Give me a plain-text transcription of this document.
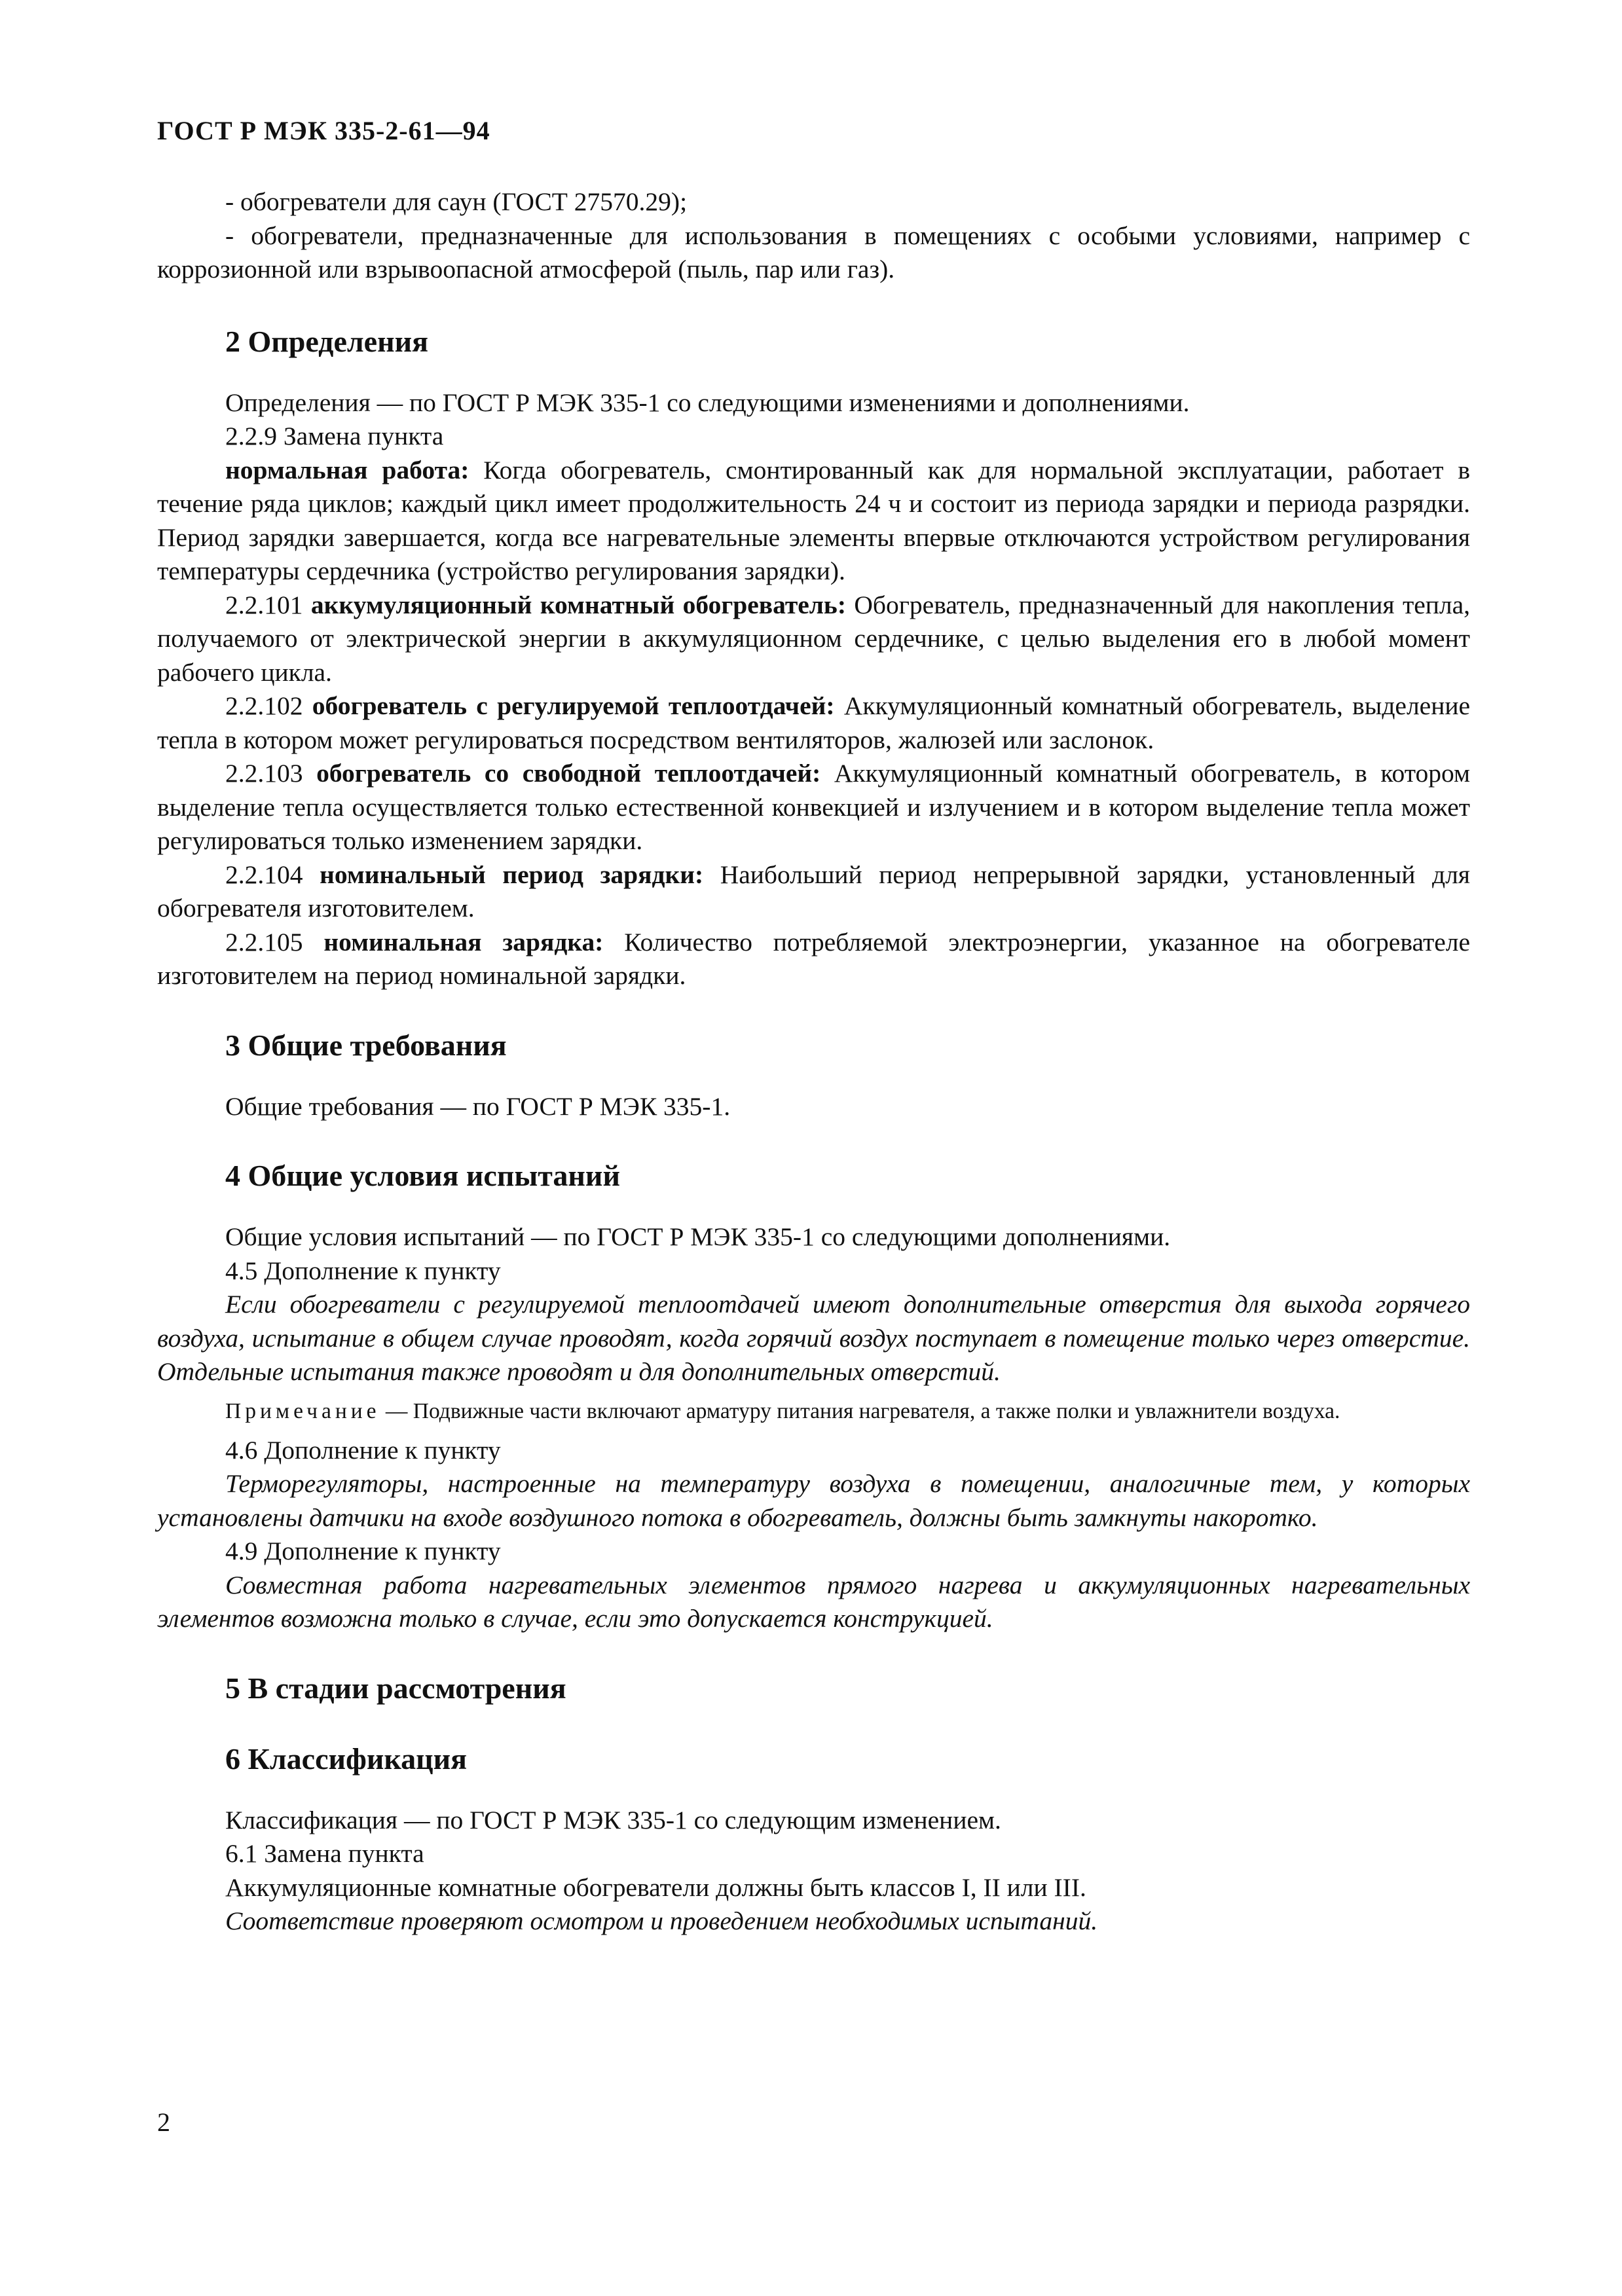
ГОСТ Р МЭК 335-2-61—94

- обогреватели для саун (ГОСТ 27570.29);

- обогреватели, предназначенные для использования в помещениях с особыми условиями, например с коррозионной или взрывоопасной атмосферой (пыль, пар или газ).

2 Определения

Определения — по ГОСТ Р МЭК 335-1 со следующими изменениями и дополнениями.

2.2.9 Замена пункта

нормальная работа: Когда обогреватель, смонтированный как для нормальной эксплуатации, работает в течение ряда циклов; каждый цикл имеет продолжительность 24 ч и состоит из периода зарядки и периода разрядки. Период зарядки завершается, когда все нагревательные элементы впервые отключаются устройством регулирования температуры сердечника (устройство регулирования зарядки).

2.2.101 аккумуляционный комнатный обогреватель: Обогреватель, предназначенный для накопления тепла, получаемого от электрической энергии в аккумуляционном сердечнике, с целью выделения его в любой момент рабочего цикла.

2.2.102 обогреватель с регулируемой теплоотдачей: Аккумуляционный комнатный обогреватель, выделение тепла в котором может регулироваться посредством вентиляторов, жалюзей или заслонок.

2.2.103 обогреватель со свободной теплоотдачей: Аккумуляционный комнатный обогреватель, в котором выделение тепла осуществляется только естественной конвекцией и излучением и в котором выделение тепла может регулироваться только изменением зарядки.

2.2.104 номинальный период зарядки: Наибольший период непрерывной зарядки, установленный для обогревателя изготовителем.

2.2.105 номинальная зарядка: Количество потребляемой электроэнергии, указанное на обогревателе изготовителем на период номинальной зарядки.

3 Общие требования

Общие требования — по ГОСТ Р МЭК 335-1.

4 Общие условия испытаний

Общие условия испытаний — по ГОСТ Р МЭК 335-1 со следующими дополнениями.

4.5 Дополнение к пункту

Если обогреватели с регулируемой теплоотдачей имеют дополнительные отверстия для выхода горячего воздуха, испытание в общем случае проводят, когда горячий воздух поступает в помещение только через отверстие. Отдельные испытания также проводят и для дополнительных отверстий.

Примечание — Подвижные части включают арматуру питания нагревателя, а также полки и увлажнители воздуха.

4.6 Дополнение к пункту

Терморегуляторы, настроенные на температуру воздуха в помещении, аналогичные тем, у которых установлены датчики на входе воздушного потока в обогреватель, должны быть замкнуты накоротко.

4.9 Дополнение к пункту

Совместная работа нагревательных элементов прямого нагрева и аккумуляционных нагревательных элементов возможна только в случае, если это допускается конструкцией.

5 В стадии рассмотрения

6 Классификация

Классификация — по ГОСТ Р МЭК 335-1 со следующим изменением.

6.1 Замена пункта

Аккумуляционные комнатные обогреватели должны быть классов I, II или III.

Соответствие проверяют осмотром и проведением необходимых испытаний.

2
